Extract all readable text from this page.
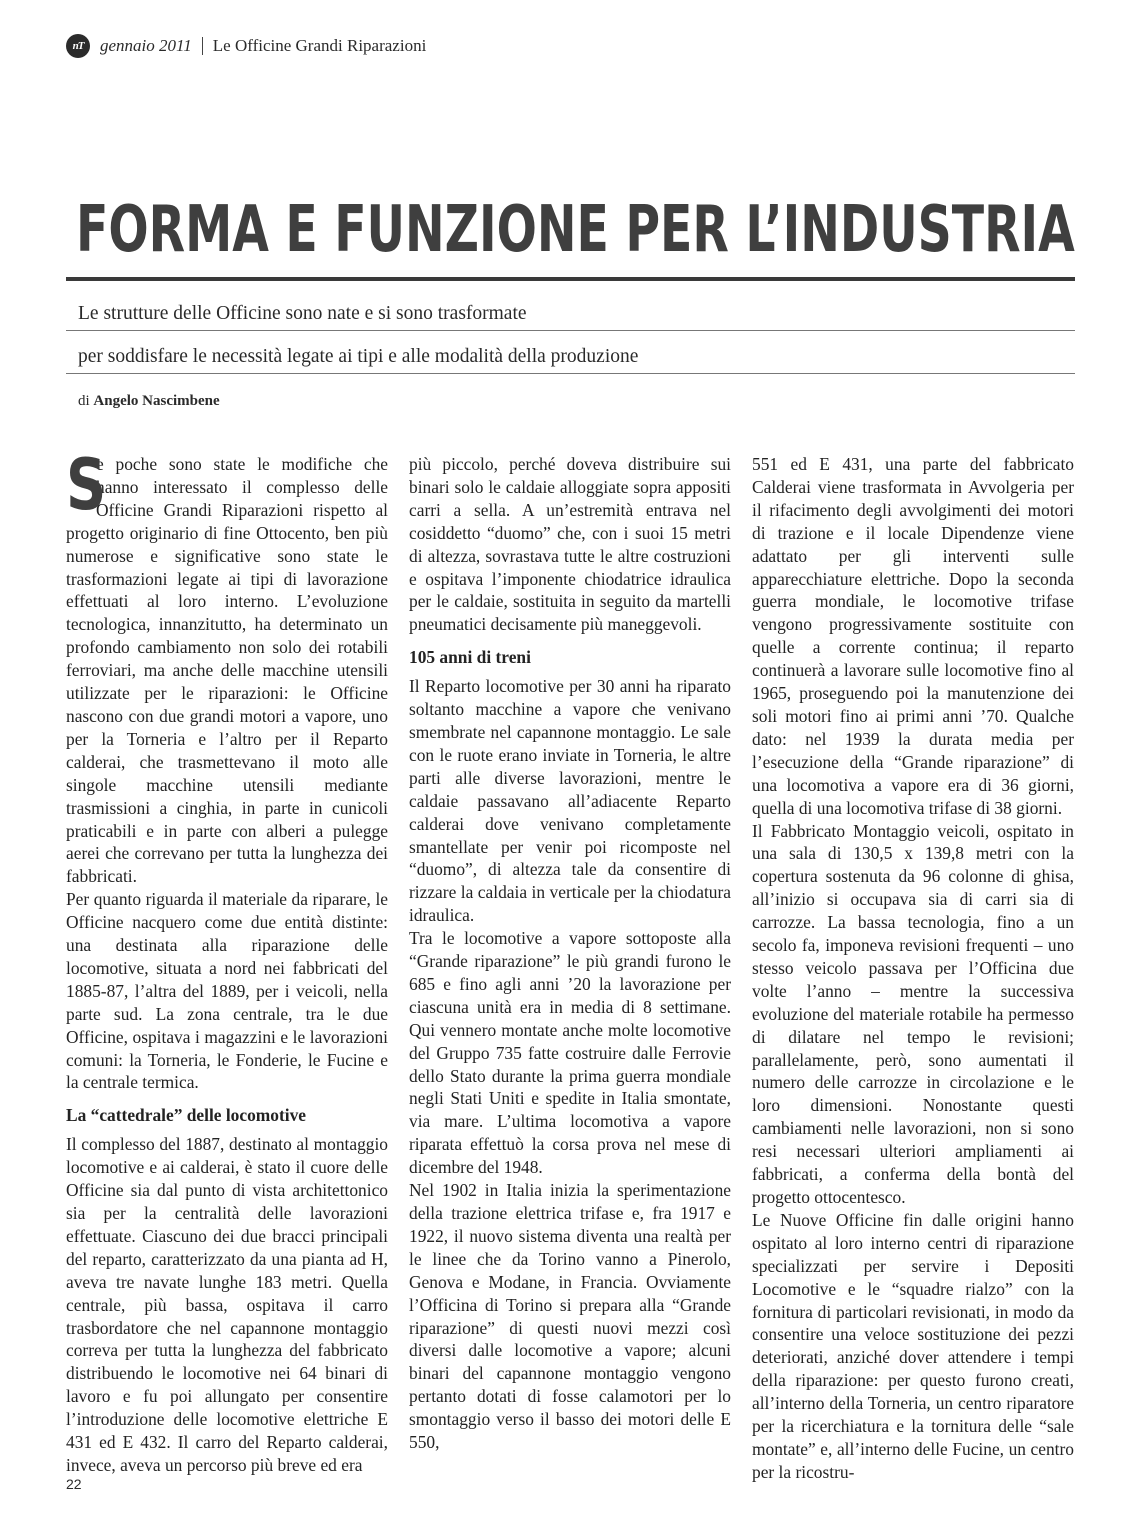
nT gennaio 2011 Le Officine Grandi Riparazioni
FORMA E FUNZIONE PER L’INDUSTRIA
Le strutture delle Officine sono nate e si sono trasformate
per soddisfare le necessità legate ai tipi e alle modalità della produzione
di Angelo Nascimbene

S
e poche sono state le modifiche che hanno interessato il complesso delle Officine Grandi Riparazioni rispetto al progetto originario di fine Ottocento, ben più numerose e significative sono state le trasformazioni legate ai tipi di lavorazione effettuati al loro interno. L’evoluzione tecnologica, innanzitutto, ha determinato un profondo cambiamento non solo dei rotabili ferroviari, ma anche delle macchine utensili utilizzate per le riparazioni: le Officine nascono con due grandi motori a vapore, uno per la Torneria e l’altro per il Reparto calderai, che trasmettevano il moto alle singole macchine utensili mediante trasmissioni a cinghia, in parte in cunicoli praticabili e in parte con alberi a pulegge aerei che correvano per tutta la lunghezza dei fabbricati.

Per quanto riguarda il materiale da riparare, le Officine nacquero come due entità distinte: una destinata alla riparazione delle locomotive, situata a nord nei fabbricati del 1885-87, l’altra del 1889, per i veicoli, nella parte sud. La zona centrale, tra le due Officine, ospitava i magazzini e le lavorazioni comuni: la Torneria, le Fonderie, le Fucine e la centrale termica.

La “cattedrale” delle locomotive

Il complesso del 1887, destinato al montaggio locomotive e ai calderai, è stato il cuore delle Officine sia dal punto di vista architettonico sia per la centralità delle lavorazioni effettuate. Ciascuno dei due bracci principali del reparto, caratterizzato da una pianta ad H, aveva tre navate lunghe 183 metri. Quella centrale, più bassa, ospitava il carro trasbordatore che nel capannone montaggio correva per tutta la lunghezza del fabbricato distribuendo le locomotive nei 64 binari di lavoro e fu poi allungato per consentire l’introduzione delle locomotive elettriche E 431 ed E 432. Il carro del Reparto calderai, invece, aveva un percorso più breve ed era

più piccolo, perché doveva distribuire sui binari solo le caldaie alloggiate sopra appositi carri a sella. A un’estremità entrava nel cosiddetto “duomo” che, con i suoi 15 metri di altezza, sovrastava tutte le altre costruzioni e ospitava l’imponente chiodatrice idraulica per le caldaie, sostituita in seguito da martelli pneumatici decisamente più maneggevoli.

105 anni di treni

Il Reparto locomotive per 30 anni ha riparato soltanto macchine a vapore che venivano smembrate nel capannone montaggio. Le sale con le ruote erano inviate in Torneria, le altre parti alle diverse lavorazioni, mentre le caldaie passavano all’adiacente Reparto calderai dove venivano completamente smantellate per venir poi ricomposte nel “duomo”, di altezza tale da consentire di rizzare la caldaia in verticale per la chiodatura idraulica.

Tra le locomotive a vapore sottoposte alla “Grande riparazione” le più grandi furono le 685 e fino agli anni ’20 la lavorazione per ciascuna unità era in media di 8 settimane. Qui vennero montate anche molte locomotive del Gruppo 735 fatte costruire dalle Ferrovie dello Stato durante la prima guerra mondiale negli Stati Uniti e spedite in Italia smontate, via mare. L’ultima locomotiva a vapore riparata effettuò la corsa prova nel mese di dicembre del 1948.

Nel 1902 in Italia inizia la sperimentazione della trazione elettrica trifase e, fra 1917 e 1922, il nuovo sistema diventa una realtà per le linee che da Torino vanno a Pinerolo, Genova e Modane, in Francia. Ovviamente l’Officina di Torino si prepara alla “Grande riparazione” di questi nuovi mezzi così diversi dalle locomotive a vapore; alcuni binari del capannone montaggio vengono pertanto dotati di fosse calamotori per lo smontaggio verso il basso dei motori delle E 550,

551 ed E 431, una parte del fabbricato Calderai viene trasformata in Avvolgeria per il rifacimento degli avvolgimenti dei motori di trazione e il locale Dipendenze viene adattato per gli interventi sulle apparecchiature elettriche. Dopo la seconda guerra mondiale, le locomotive trifase vengono progressivamente sostituite con quelle a corrente continua; il reparto continuerà a lavorare sulle locomotive fino al 1965, proseguendo poi la manutenzione dei soli motori fino ai primi anni ’70. Qualche dato: nel 1939 la durata media per l’esecuzione della “Grande riparazione” di una locomotiva a vapore era di 36 giorni, quella di una locomotiva trifase di 38 giorni.

Il Fabbricato Montaggio veicoli, ospitato in una sala di 130,5 x 139,8 metri con la copertura sostenuta da 96 colonne di ghisa, all’inizio si occupava sia di carri sia di carrozze. La bassa tecnologia, fino a un secolo fa, imponeva revisioni frequenti – uno stesso veicolo passava per l’Officina due volte l’anno – mentre la successiva evoluzione del materiale rotabile ha permesso di dilatare nel tempo le revisioni; parallelamente, però, sono aumentati il numero delle carrozze in circolazione e le loro dimensioni. Nonostante questi cambiamenti nelle lavorazioni, non si sono resi necessari ulteriori ampliamenti ai fabbricati, a conferma della bontà del progetto ottocentesco.

Le Nuove Officine fin dalle origini hanno ospitato al loro interno centri di riparazione specializzati per servire i Depositi Locomotive e le “squadre rialzo” con la fornitura di particolari revisionati, in modo da consentire una veloce sostituzione dei pezzi deteriorati, anziché dover attendere i tempi della riparazione: per questo furono creati, all’interno della Torneria, un centro riparatore per la ricerchiatura e la tornitura delle “sale montate” e, all’interno delle Fucine, un centro per la ricostru-

22
